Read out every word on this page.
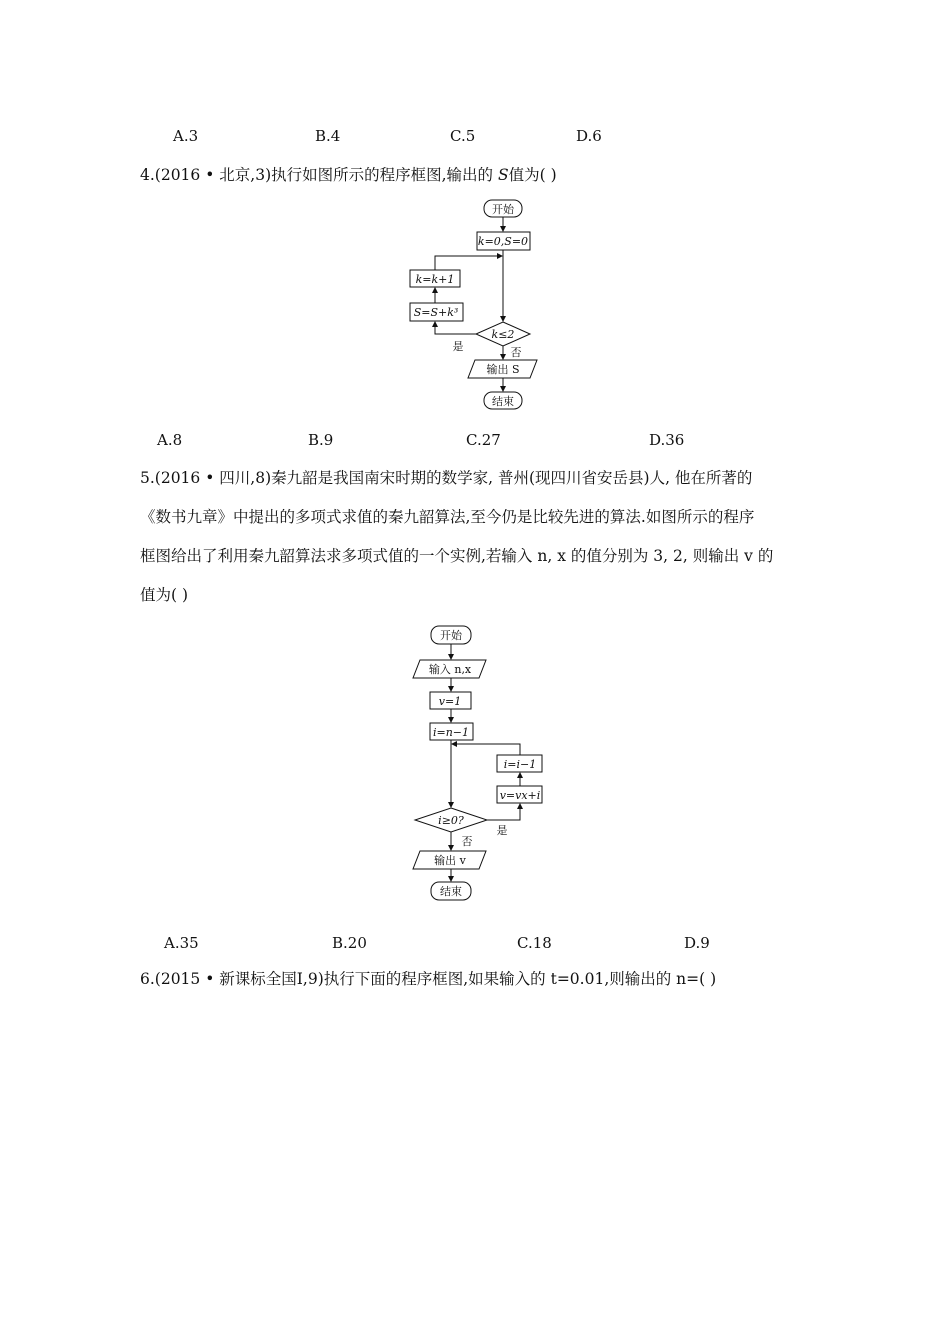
A.3	B.4	C.5	D.6
4.(2016 • 北京,3)执行如图所示的程序框图,输出的 S值为( )
开始
k=0,S=0
k=k+1
S=S+k³
k≤2
输出 S
结束
是	否
A.8	B.9	C.27	D.36
5.(2016 • 四川,8)秦九韶是我国南宋时期的数学家, 普州(现四川省安岳县)人, 他在所著的
《数书九章》中提出的多项式求值的秦九韶算法,至今仍是比较先进的算法.如图所示的程序
框图给出了利用秦九韶算法求多项式值的一个实例,若输入 n, x 的值分别为 3, 2, 则输出 v 的
值为( )
开始
输入 n,x
v=1
i=n−1
i=i−1
v=vx+i
i≥0?
输出 v
结束
是
否
A.35	B.20	C.18	D.9
6.(2015 • 新课标全国Ⅰ,9)执行下面的程序框图,如果输入的 t=0.01,则输出的 n=( )
